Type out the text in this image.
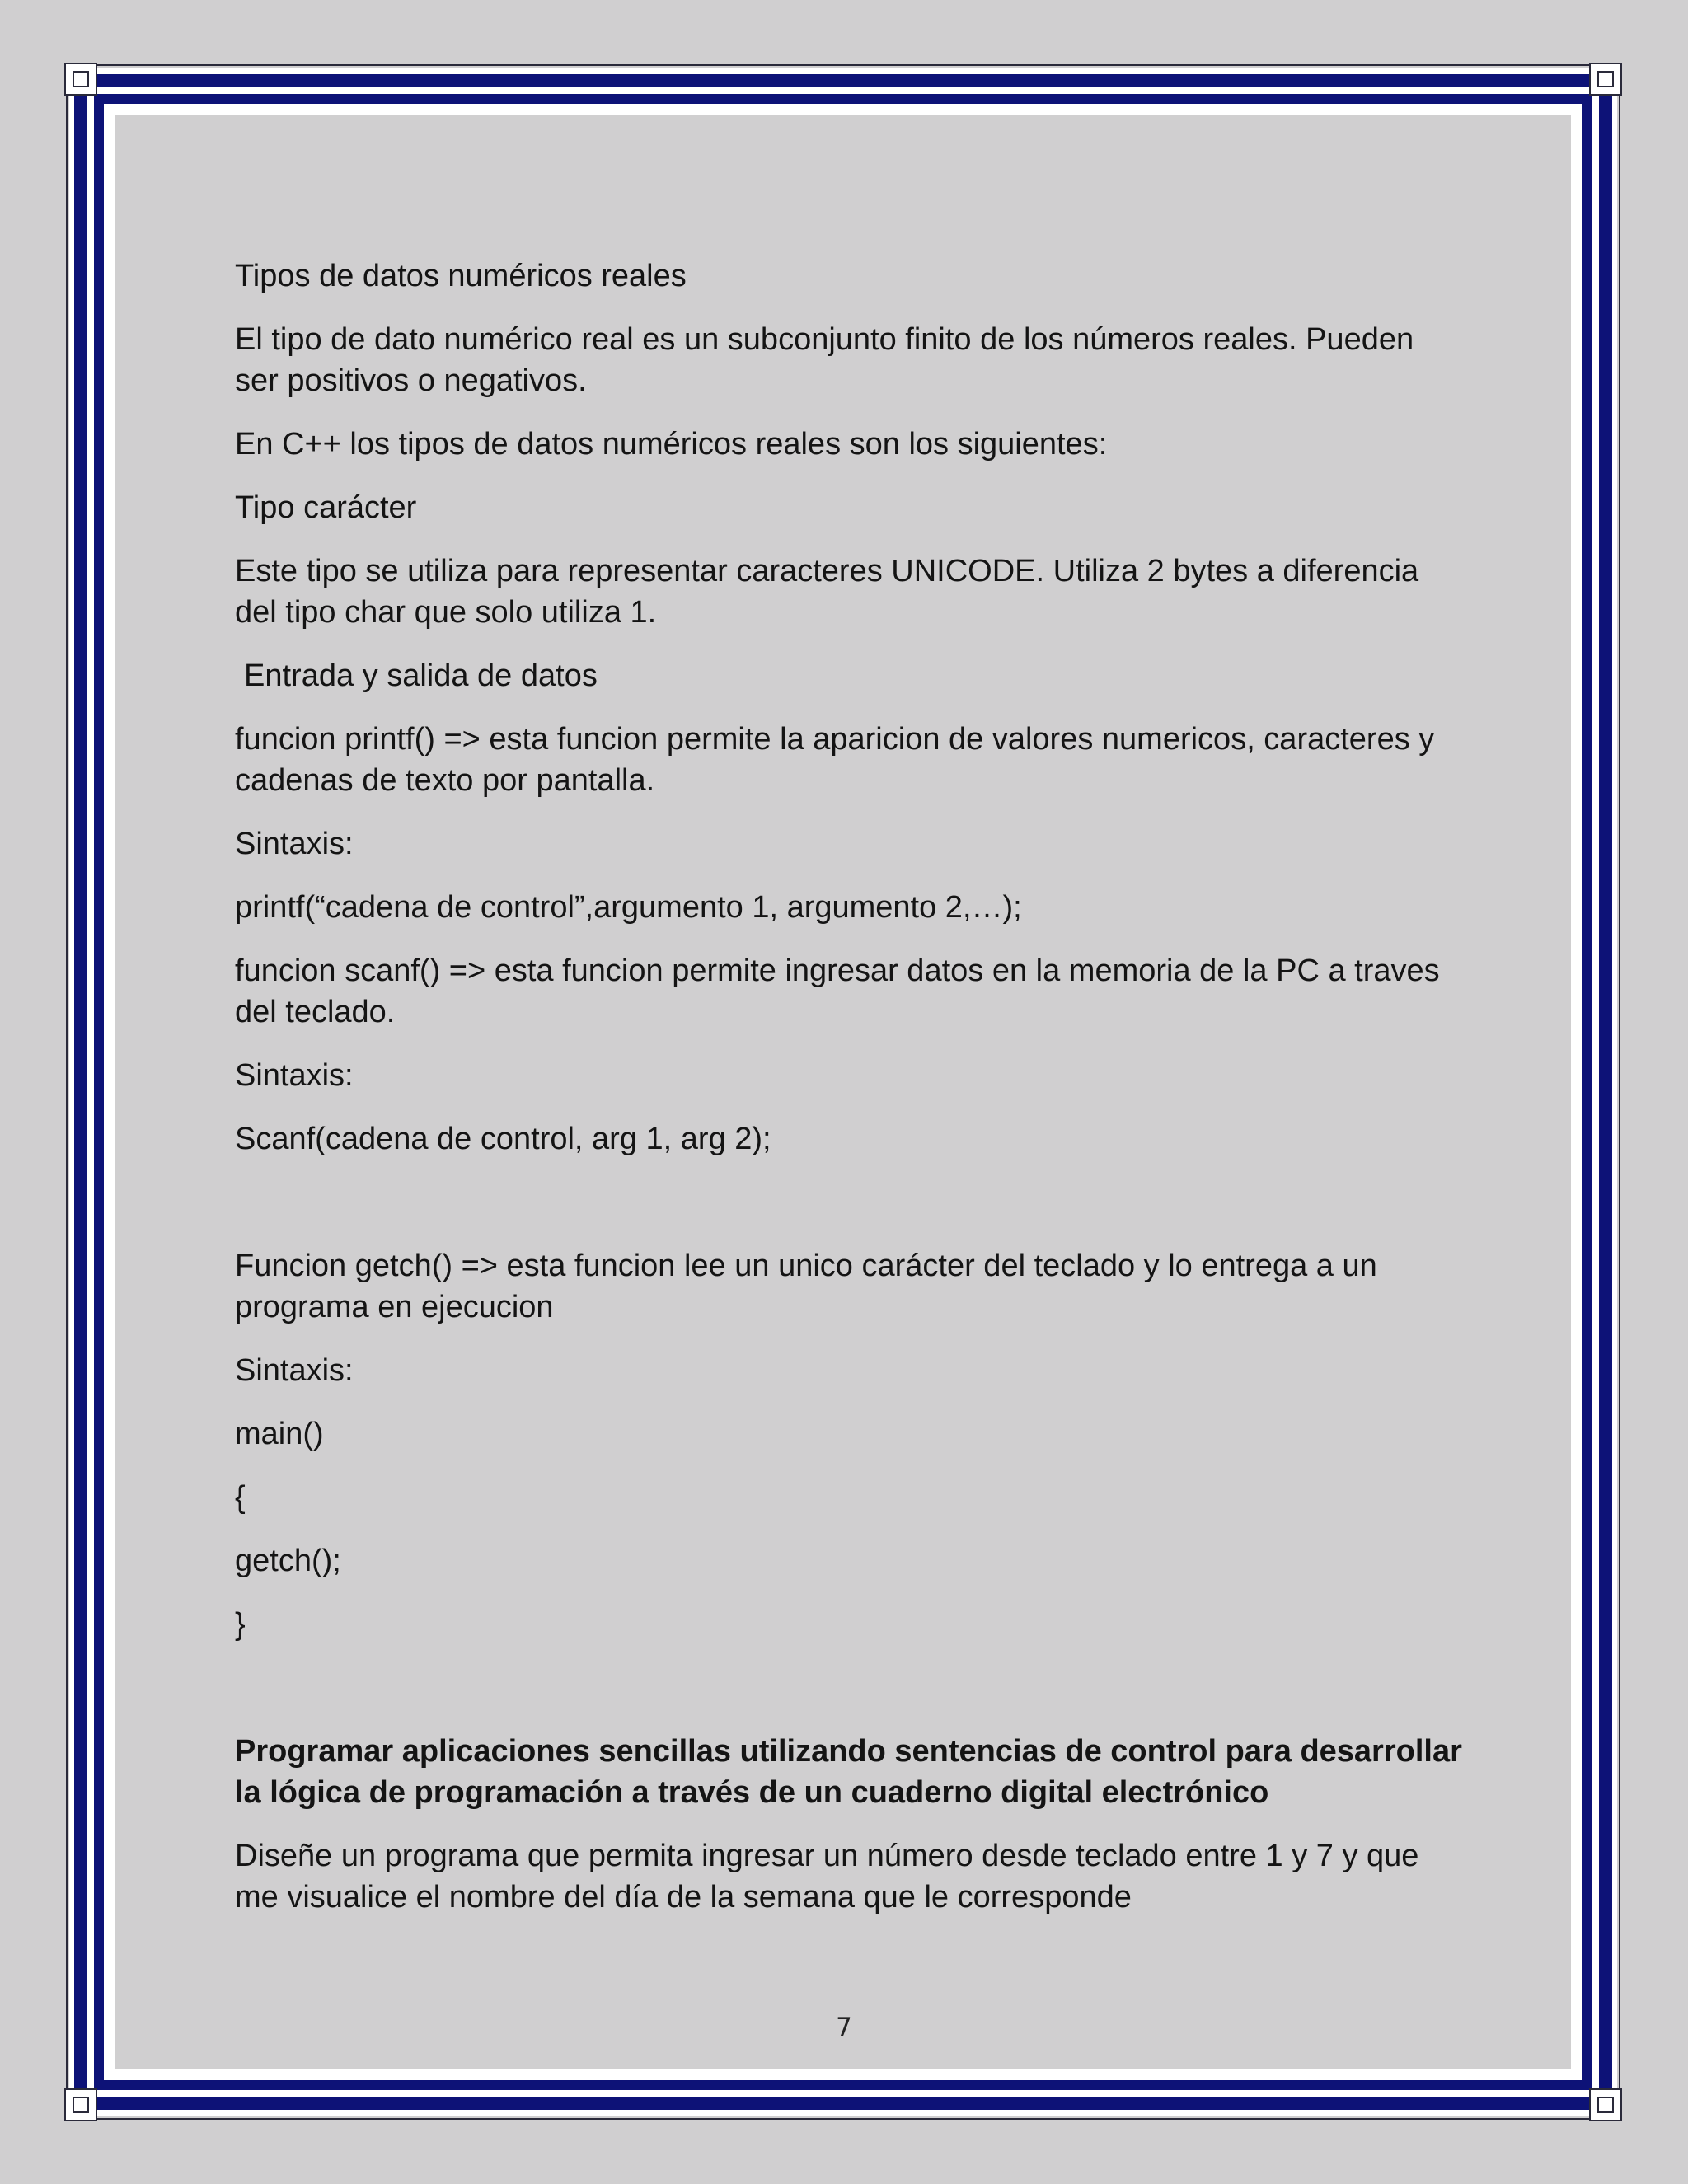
Tipos de datos numéricos reales

El tipo de dato numérico real es un subconjunto finito de los números reales. Pueden ser positivos o negativos.

En C++ los tipos de datos numéricos reales son los siguientes:

Tipo carácter

Este tipo se utiliza para representar caracteres UNICODE. Utiliza 2 bytes a diferencia del tipo char que solo utiliza 1.

Entrada y salida de datos

funcion printf() => esta funcion permite la aparicion de valores numericos, caracteres y cadenas de texto por pantalla.

Sintaxis:

printf(“cadena de control”,argumento 1, argumento 2,…);

funcion scanf() => esta funcion permite ingresar datos en la memoria de la PC a traves del teclado.

Sintaxis:

Scanf(cadena de control, arg 1, arg 2);

Funcion getch() => esta funcion lee un unico carácter del teclado y lo entrega a un programa en ejecucion

Sintaxis:

main()

{

getch();

}

Programar aplicaciones sencillas utilizando sentencias de control para desarrollar la lógica de programación a través de un cuaderno digital electrónico

Diseñe un programa que permita ingresar un número desde teclado entre 1 y 7 y que me visualice el nombre del día de la semana que le corresponde

7
